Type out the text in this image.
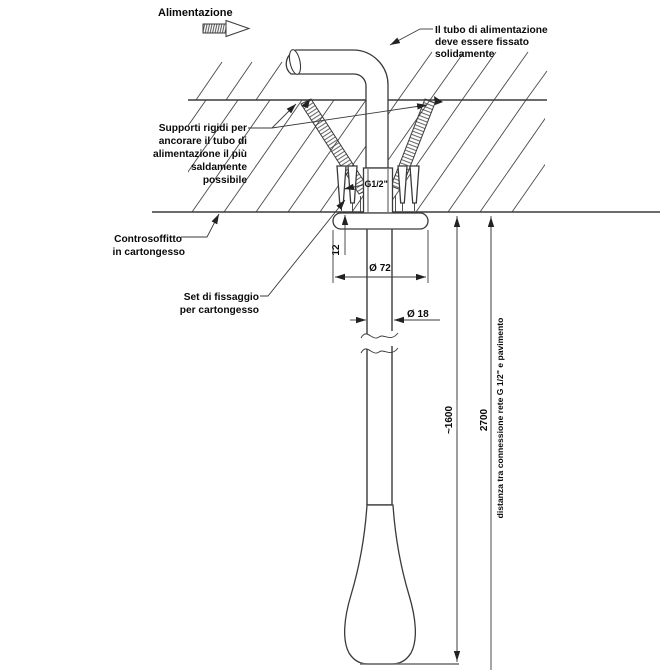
12
Ø 72
Ø 18
~1600 2700 distanza tra connessione rete G 1/2" e pavimento
Alimentazione
Il tubo di alimentazione
deve essere fissato
solidamente
Supporti rigidi per
ancorare il tubo di
alimentazione il più
saldamente
possibile
Controsoffitto
in cartongesso
Set di fissaggio
per cartongesso
G1/2"
